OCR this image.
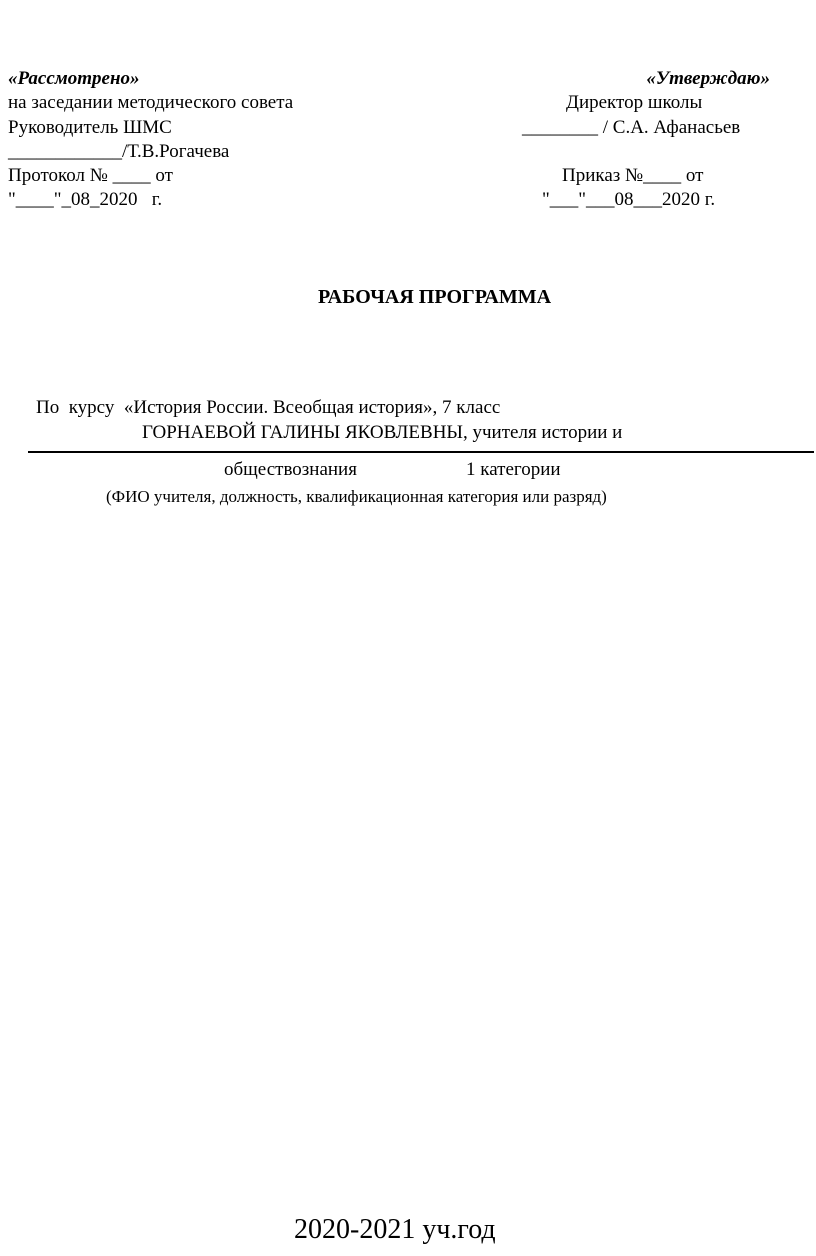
«Рассмотрено»
на заседании методического совета
Руководитель ШМС
____________/Т.В.Рогачева
Протокол № ____ от
"____"_08_2020   г.
«Утверждаю»
Директор школы
________ / С.А. Афанасьев
Приказ №____ от
"___"___08___2020 г.
РАБОЧАЯ ПРОГРАММА
По  курсу  «История России. Всеобщая история», 7 класс
ГОРНАЕВОЙ ГАЛИНЫ ЯКОВЛЕВНЫ, учителя истории и
обществознания	1 категории
(ФИО учителя, должность, квалификационная категория или разряд)
2020-2021 уч.год
